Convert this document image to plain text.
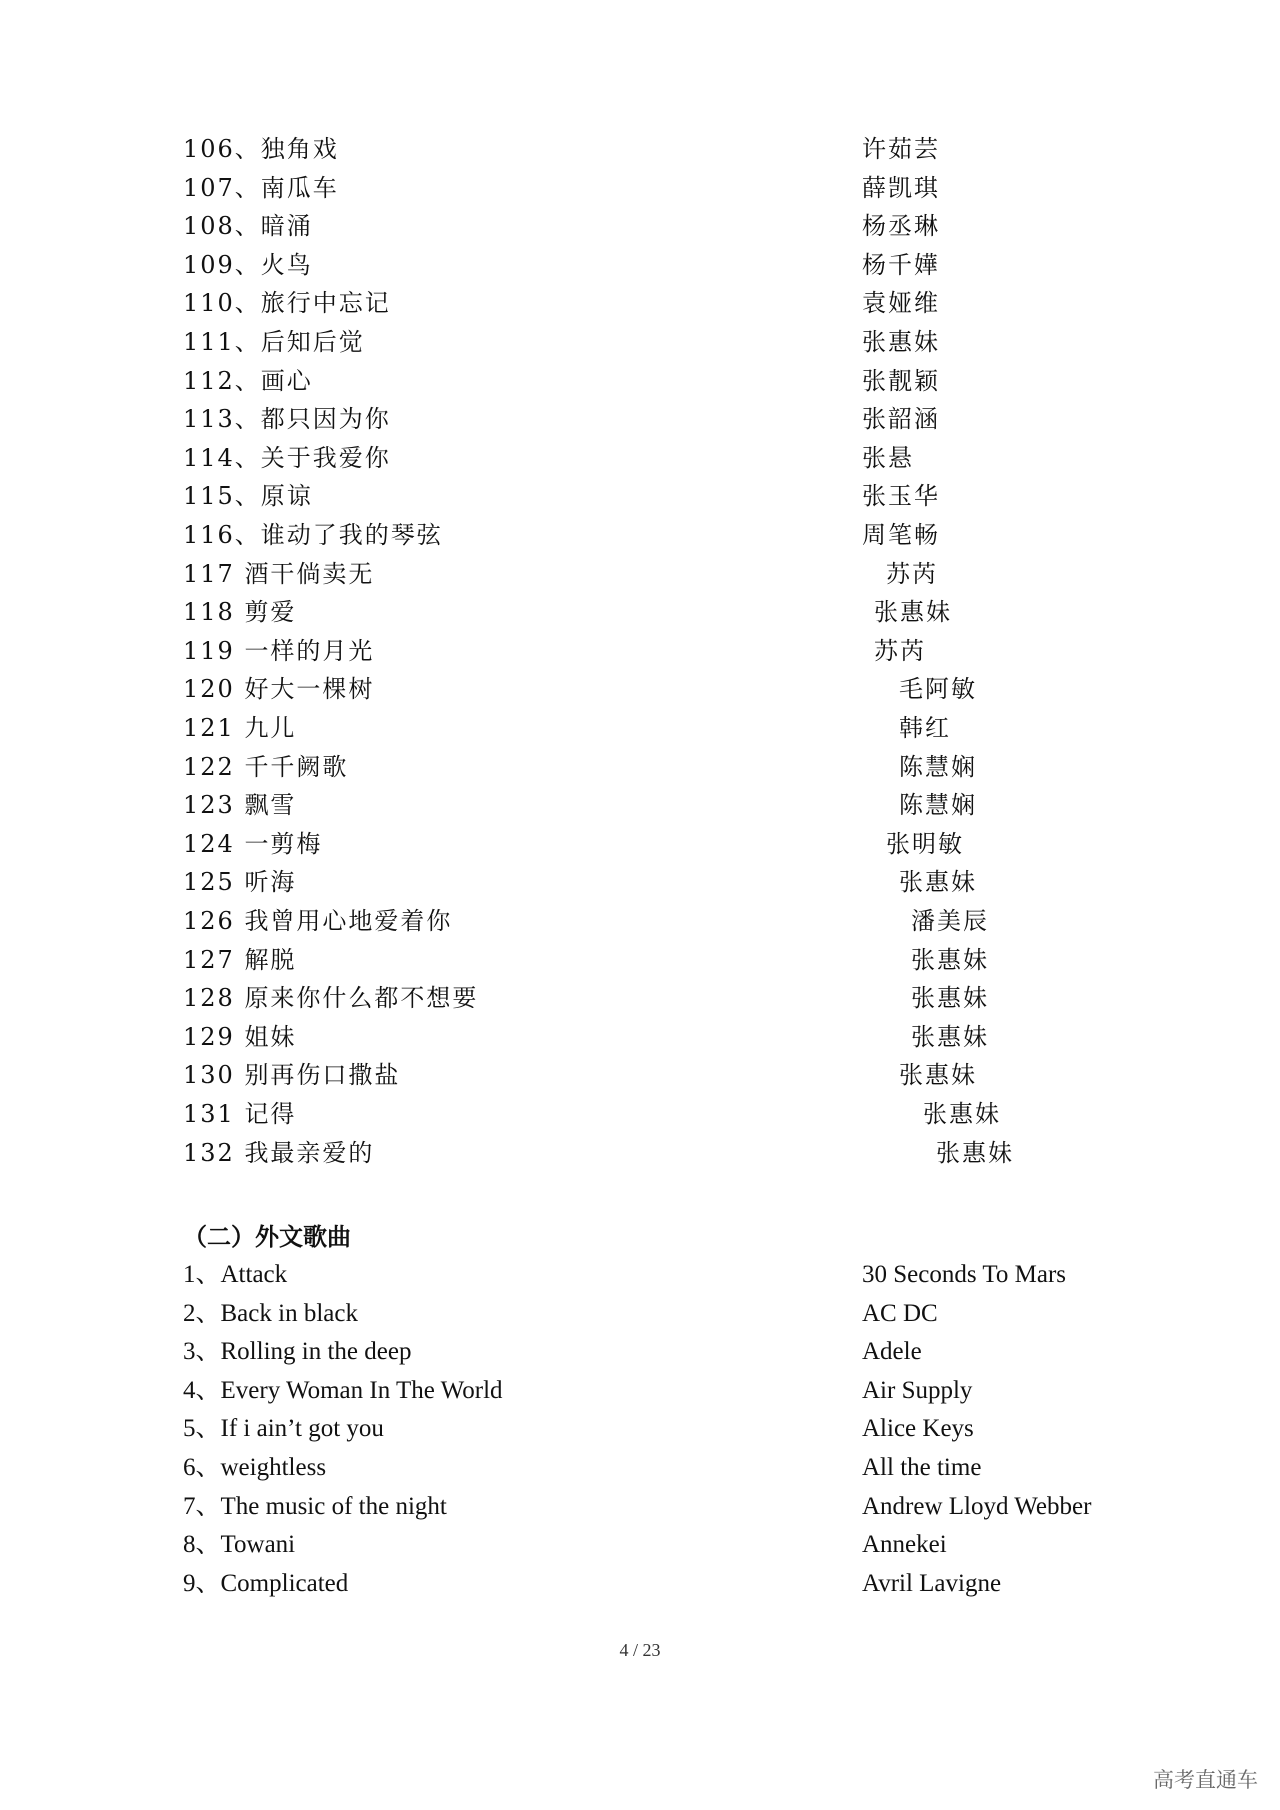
106、独角戏	许茹芸
107、南瓜车	薛凯琪
108、暗涌	杨丞琳
109、火鸟	杨千嬅
110、旅行中忘记	袁娅维
111、后知后觉	张惠妹
112、画心	张靓颖
113、都只因为你	张韶涵
114、关于我爱你	张悬
115、原谅	张玉华
116、谁动了我的琴弦	周笔畅
117 酒干倘卖无	苏芮
118 剪爱	张惠妹
119 一样的月光	苏芮
120 好大一棵树	毛阿敏
121 九儿	韩红
122 千千阙歌	陈慧娴
123 飘雪	陈慧娴
124 一剪梅	张明敏
125 听海	张惠妹
126 我曾用心地爱着你	潘美辰
127 解脱	张惠妹
128 原来你什么都不想要	张惠妹
129 姐妹	张惠妹
130 别再伤口撒盐	张惠妹
131 记得	张惠妹
132 我最亲爱的	张惠妹
（二）外文歌曲
1、Attack	30 Seconds To Mars
2、Back in black	AC DC
3、Rolling in the deep	Adele
4、Every Woman In The World	Air Supply
5、If i ain’t got you	Alice Keys
6、weightless	All the time
7、The music of the night	Andrew Lloyd Webber
8、Towani	Annekei
9、Complicated	Avril Lavigne
4 / 23
高考直通车
